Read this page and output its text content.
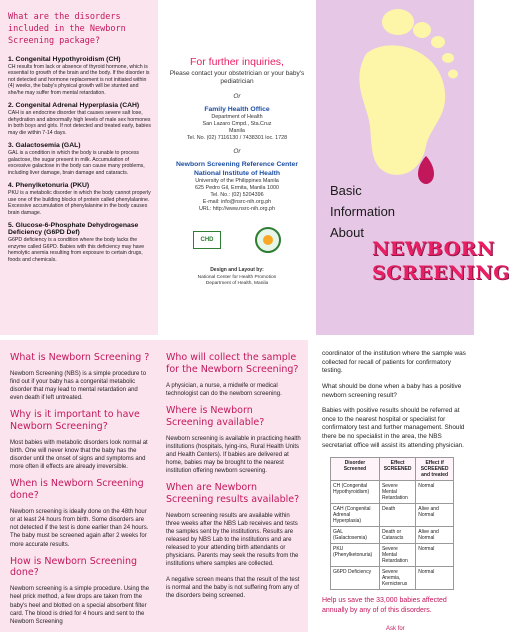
What are the disorders included in the Newborn Screening package?
1. Congenital Hypothyroidism (CH)
CH results from lack or absence of thyroid hormone, which is essential to growth of the brain and the body. If the disorder is not detected and hormone replacement is not initiated within (4) weeks, the baby's physical growth will be stunted and she/he may suffer from mental retardation.
2. Congenital Adrenal Hyperplasia (CAH)
CAH is an endocrine disorder that causes severe salt lose, dehydration and abnormally high levels of male sex hormones in both boys and girls. If not detected and treated early, babies may die within 7-14 days.
3. Galactosemia (GAL)
GAL is a condition in which the body is unable to process galactose, the sugar present in milk. Accumulation of excessive galactose in the body can cause many problems, including liver damage, brain damage and cataracts.
4. Phenylketonuria (PKU)
PKU is a metabolic disorder in which the body cannot properly use one of the building blocks of protein called phenylalanine. Excessive accumulation of phenylalanine in the body causes brain damage.
5. Glucose-6-Phosphate Dehydrogenase Deficiency (G6PD Def)
G6PD deficiency is a condition where the body lacks the enzyme called G6PD. Babies with this deficiency may have hemolytic anemia resulting from exposure to certain drugs, foods and chemicals.
For further inquiries,
Please contact your obstetrician or your baby's pediatrician
Or
Family Health Office
Department of Health
San Lazaro Cmpd., Sta.Cruz
Manila
Tel. No. (02) 7116130 / 7438301 loc. 1728
Or
Newborn Screening Reference Center
National Institute of Health
University of the Philippines Manila
625 Pedro Gil, Ermita, Manila 1000
Tel. No.: (02) 5204396
E-mail: info@nsrc-nih.org.ph
URL: http://www.nsrc-nih.org.ph
CHD
Design and Layout by:
National Center for Health Promotion
Department of Health, Manila
Basic
Information
About
NEWBORN
SCREENING
What is Newborn Screening ?
Newborn Screening (NBS) is a simple procedure to find out if your baby has a congenital metabolic disorder that may lead to mental retardation and even death if left untreated.
Why is it important to have Newborn Screening?
Most babies with metabolic disorders look normal at birth. One will never know that the baby has the disorder until the onset of signs and symptoms and more often ill effects are already irreversible.
When is Newborn Screening done?
Newborn screening is ideally done on the 48th hour or at least 24 hours from birth. Some disorders are not detected if the test is done earlier than 24 hours. The baby must be screened again after 2 weeks for more accurate results.
How is Newborn Screening done?
Newborn screening is a simple procedure. Using the heel prick method, a few drops are taken from the baby's heel and blotted on a special absorbent filter card. The blood is dried for 4 hours and sent to the Newborn Screening
Who will collect the sample for the Newborn Screening?
A physician, a nurse, a midwife or medical technologist can do the newborn screening.
Where is Newborn Screening available?
Newborn screening is available in practicing health institutions (hospitals, lying-ins, Rural Health Units and Health Centers). If babies are delivered at home, babies may be brought to the nearest institution offering newborn screening.
When are Newborn Screening results available?
Newborn screening results are available within three weeks after the NBS Lab receives and tests the samples sent by the institutions. Results are released by NBS Lab to the institutions and are released to your attending birth attendants or physicians. Parents may seek the results from the institutions where samples are collected.
A negative screen means that the result of the test is normal and the baby is not suffering from any of the disorders being screened.
coordinator of the institution where the sample was collected for recall of patients for confirmatory testing.
What should be done when a baby has a positive newborn screening result?
Babies with positive results should be referred at once to the nearest hospital or specialist for confirmatory test and further management. Should there be no specialist in the area, the NBS secretariat office will assist its attending physician.
Disorder Screened	Effect SCREENED	Effect if SCREENED and treated
CH (Congenital Hypothyroidism)	Severe Mental Retardation	Normal
CAH (Congenital Adrenal Hyperplasia)	Death	Alive and Normal
GAL (Galactosemia)	Death or Cataracts	Alive and Normal
PKU (Phenylketonuria)	Severe Mental Retardation	Normal
G6PD Deficiency	Severe Anemia, Kernicterus	Normal
Help us save the 33,000 babies affected annually by any of of this disorders.
Ask for
